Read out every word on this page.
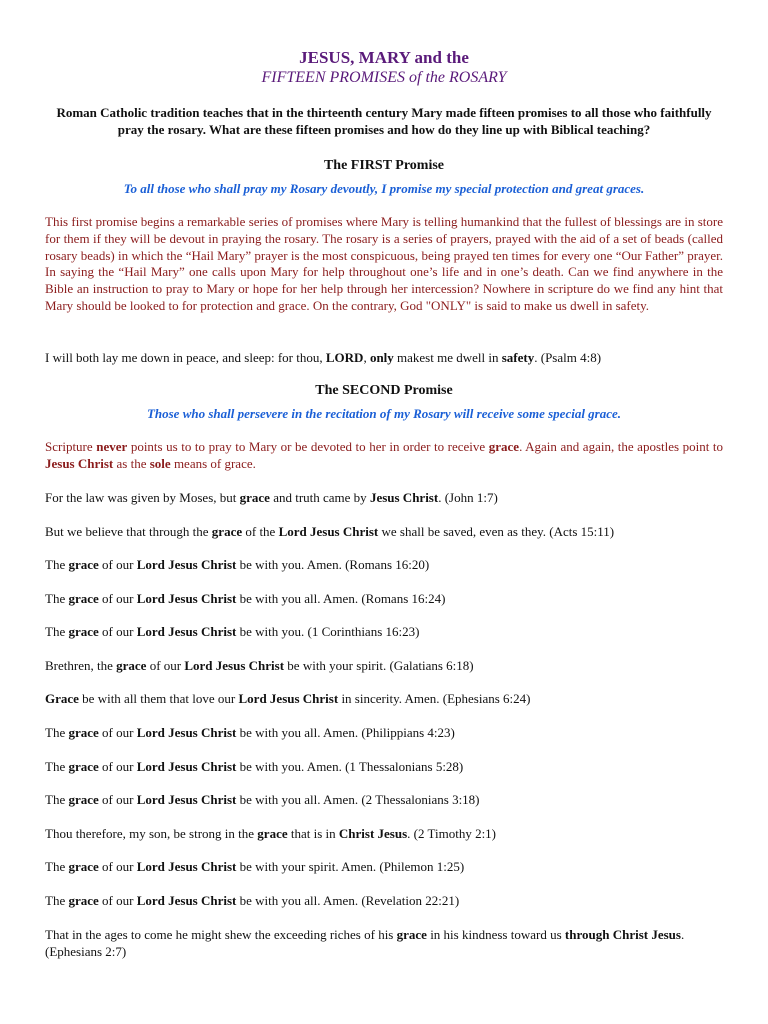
JESUS, MARY and the
FIFTEEN PROMISES of the ROSARY
Roman Catholic tradition teaches that in the thirteenth century Mary made fifteen promises to all those who faithfully pray the rosary. What are these fifteen promises and how do they line up with Biblical teaching?
The FIRST Promise
To all those who shall pray my Rosary devoutly, I promise my special protection and great graces.
This first promise begins a remarkable series of promises where Mary is telling humankind that the fullest of blessings are in store for them if they will be devout in praying the rosary. The rosary is a series of prayers, prayed with the aid of a set of beads (called rosary beads) in which the “Hail Mary” prayer is the most conspicuous, being prayed ten times for every one “Our Father” prayer. In saying the “Hail Mary” one calls upon Mary for help throughout one’s life and in one’s death. Can we find anywhere in the Bible an instruction to pray to Mary or hope for her help through her intercession? Nowhere in scripture do we find any hint that Mary should be looked to for protection and grace. On the contrary, God "ONLY" is said to make us dwell in safety.
I will both lay me down in peace, and sleep: for thou, LORD, only makest me dwell in safety. (Psalm 4:8)
The SECOND Promise
Those who shall persevere in the recitation of my Rosary will receive some special grace.
Scripture never points us to to pray to Mary or be devoted to her in order to receive grace. Again and again, the apostles point to Jesus Christ as the sole means of grace.
For the law was given by Moses, but grace and truth came by Jesus Christ. (John 1:7)
But we believe that through the grace of the Lord Jesus Christ we shall be saved, even as they. (Acts 15:11)
The grace of our Lord Jesus Christ be with you. Amen. (Romans 16:20)
The grace of our Lord Jesus Christ be with you all. Amen. (Romans 16:24)
The grace of our Lord Jesus Christ be with you. (1 Corinthians 16:23)
Brethren, the grace of our Lord Jesus Christ be with your spirit. (Galatians 6:18)
Grace be with all them that love our Lord Jesus Christ in sincerity. Amen. (Ephesians 6:24)
The grace of our Lord Jesus Christ be with you all. Amen. (Philippians 4:23)
The grace of our Lord Jesus Christ be with you. Amen. (1 Thessalonians 5:28)
The grace of our Lord Jesus Christ be with you all. Amen. (2 Thessalonians 3:18)
Thou therefore, my son, be strong in the grace that is in Christ Jesus. (2 Timothy 2:1)
The grace of our Lord Jesus Christ be with your spirit. Amen. (Philemon 1:25)
The grace of our Lord Jesus Christ be with you all. Amen. (Revelation 22:21)
That in the ages to come he might shew the exceeding riches of his grace in his kindness toward us through Christ Jesus. (Ephesians 2:7)
